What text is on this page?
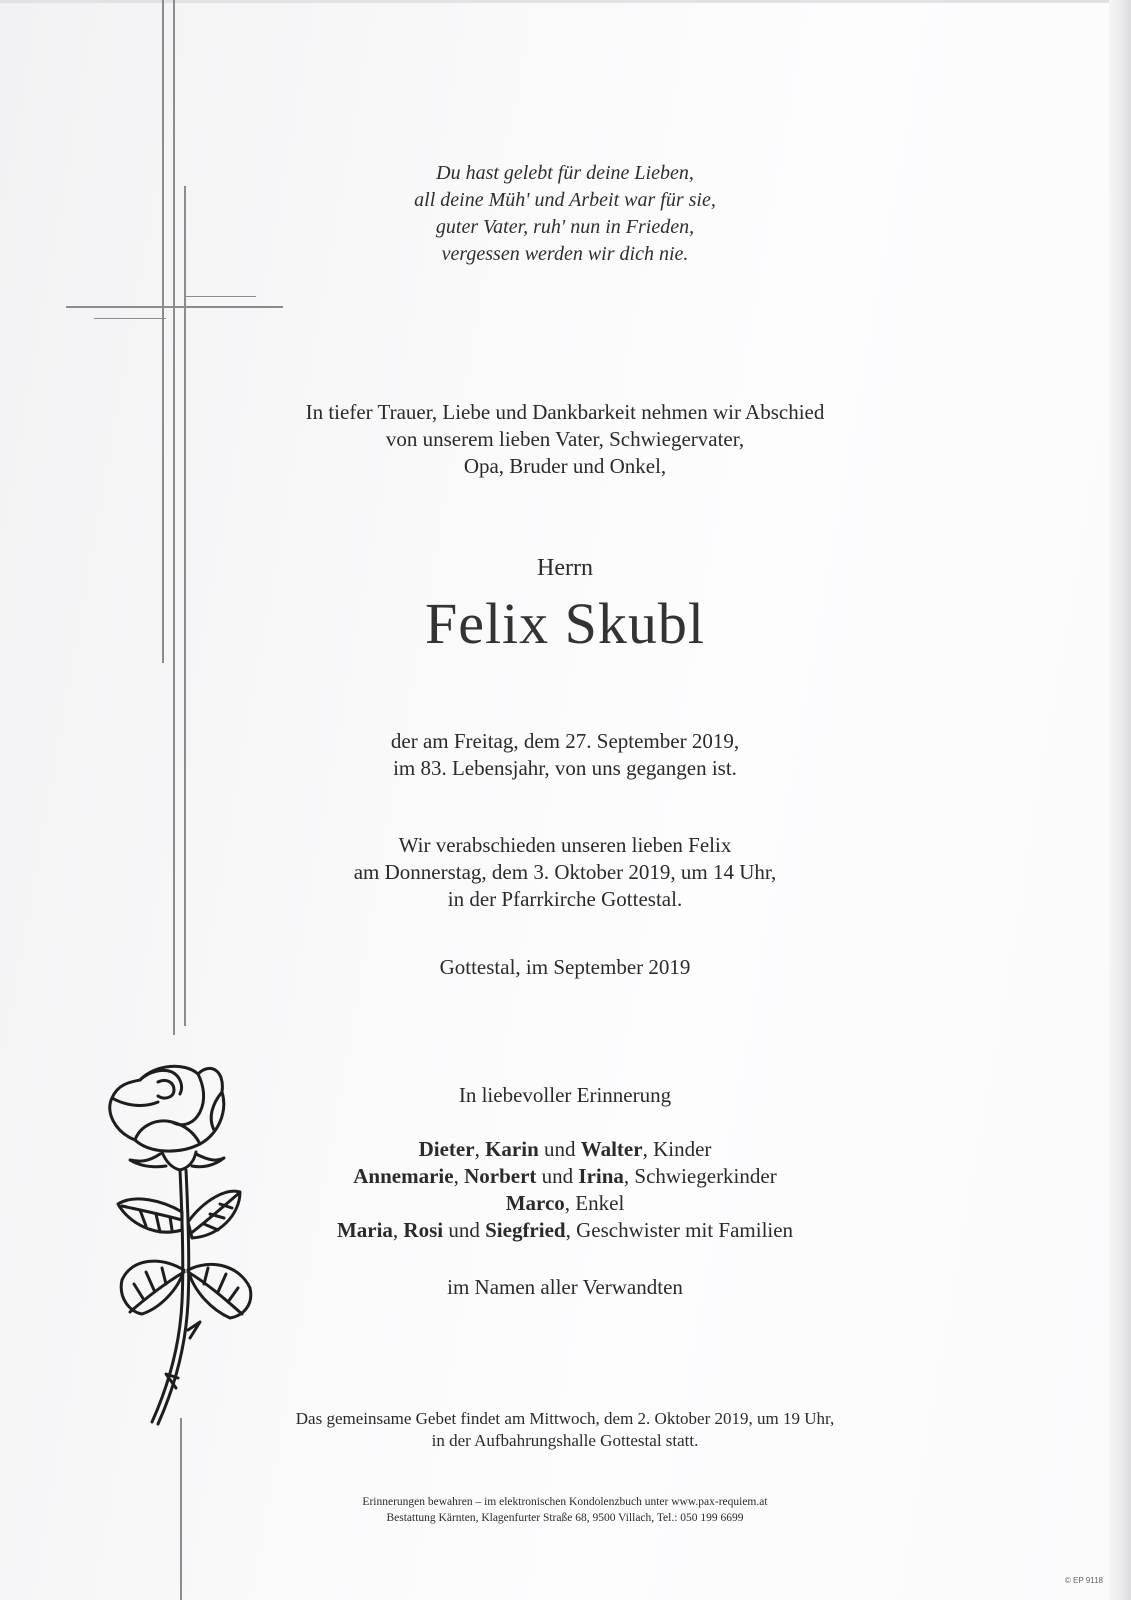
Du hast gelebt für deine Lieben,
all deine Müh' und Arbeit war für sie,
guter Vater, ruh' nun in Frieden,
vergessen werden wir dich nie.
In tiefer Trauer, Liebe und Dankbarkeit nehmen wir Abschied
von unserem lieben Vater, Schwiegervater,
Opa, Bruder und Onkel,
Herrn
Felix Skubl
der am Freitag, dem 27. September 2019,
im 83. Lebensjahr, von uns gegangen ist.
Wir verabschieden unseren lieben Felix
am Donnerstag, dem 3. Oktober 2019, um 14 Uhr,
in der Pfarrkirche Gottestal.
Gottestal, im September 2019
In liebevoller Erinnerung
Dieter, Karin und Walter, Kinder
Annemarie, Norbert und Irina, Schwiegerkinder
Marco, Enkel
Maria, Rosi und Siegfried, Geschwister mit Familien
im Namen aller Verwandten
Das gemeinsame Gebet findet am Mittwoch, dem 2. Oktober 2019, um 19 Uhr,
in der Aufbahrungshalle Gottestal statt.
Erinnerungen bewahren – im elektronischen Kondolenzbuch unter www.pax-requiem.at
Bestattung Kärnten, Klagenfurter Straße 68, 9500 Villach, Tel.: 050 199 6699
© EP 9118
